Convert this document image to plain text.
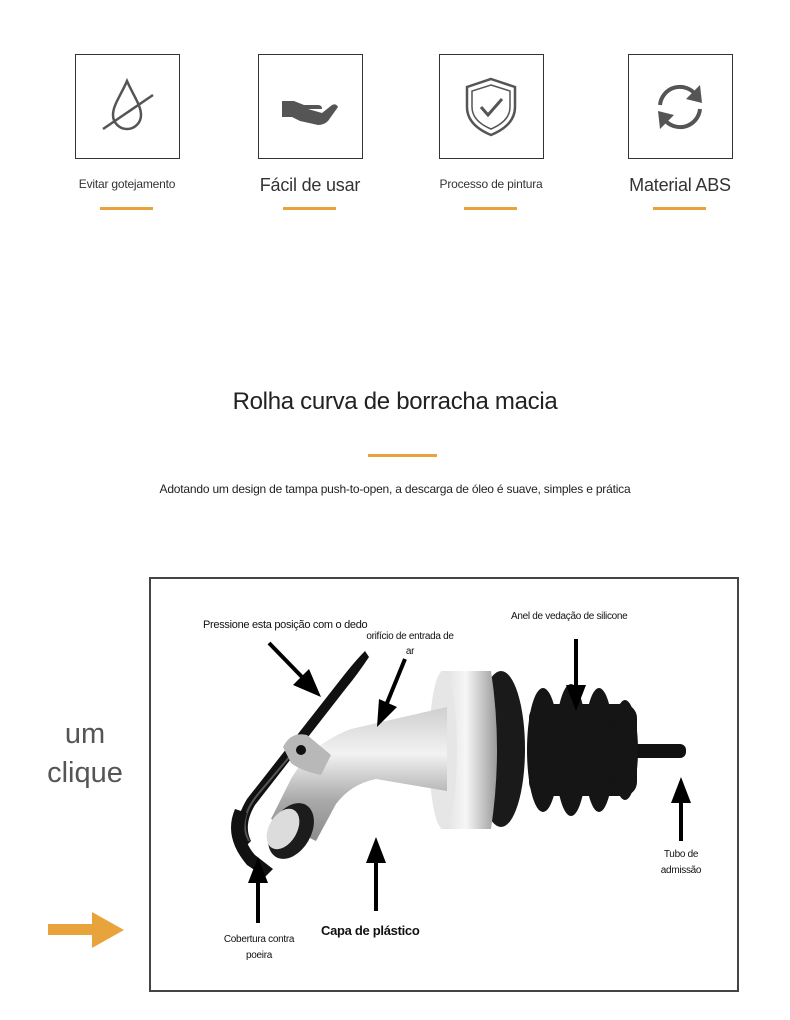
Evitar gotejamento	Fácil de usar	Processo de pintura	Material ABS
Rolha curva de borracha macia
Adotando um design de tampa push-to-open, a descarga de óleo é suave, simples e prática
um
clique
Pressione esta posição com o dedo
orifício de entrada de ar
Anel de vedação de silicone
Tubo de admissão
Capa de plástico
Cobertura contra poeira
